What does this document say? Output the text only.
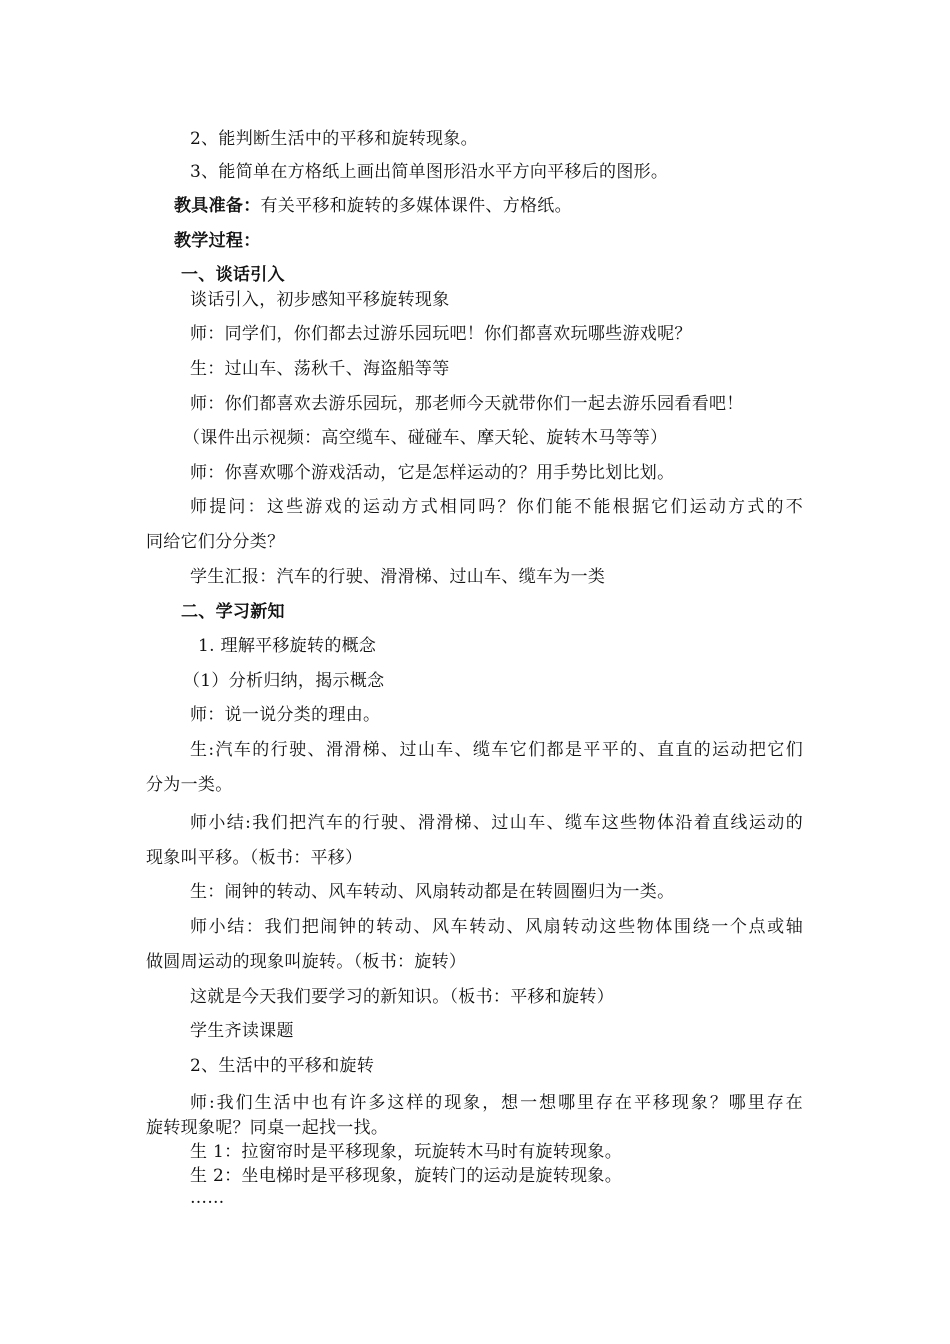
2、能判断生活中的平移和旋转现象。
3、能简单在方格纸上画出简单图形沿水平方向平移后的图形。
教具准备：有关平移和旋转的多媒体课件、方格纸。
教学过程：
一、谈话引入
谈话引入，初步感知平移旋转现象
师：同学们，你们都去过游乐园玩吧！你们都喜欢玩哪些游戏呢？
生：过山车、荡秋千、海盗船等等
师：你们都喜欢去游乐园玩，那老师今天就带你们一起去游乐园看看吧！
（课件出示视频：高空缆车、碰碰车、摩天轮、旋转木马等等）
师：你喜欢哪个游戏活动，它是怎样运动的？用手势比划比划。
师提问：这些游戏的运动方式相同吗？你们能不能根据它们运动方式的不
同给它们分分类？
学生汇报：汽车的行驶、滑滑梯、过山车、缆车为一类
二、学习新知
1. 理解平移旋转的概念
（1）分析归纳，揭示概念
师：说一说分类的理由。
生:汽车的行驶、滑滑梯、过山车、缆车它们都是平平的、直直的运动把它们
分为一类。
师小结:我们把汽车的行驶、滑滑梯、过山车、缆车这些物体沿着直线运动的
现象叫平移。（板书：平移）
生：闹钟的转动、风车转动、风扇转动都是在转圆圈归为一类。
师小结：我们把闹钟的转动、风车转动、风扇转动这些物体围绕一个点或轴
做圆周运动的现象叫旋转。（板书：旋转）
这就是今天我们要学习的新知识。（板书：平移和旋转）
学生齐读课题
2、生活中的平移和旋转
师:我们生活中也有许多这样的现象，想一想哪里存在平移现象？哪里存在
旋转现象呢？同桌一起找一找。
生 1：拉窗帘时是平移现象，玩旋转木马时有旋转现象。
生 2：坐电梯时是平移现象，旋转门的运动是旋转现象。
……
